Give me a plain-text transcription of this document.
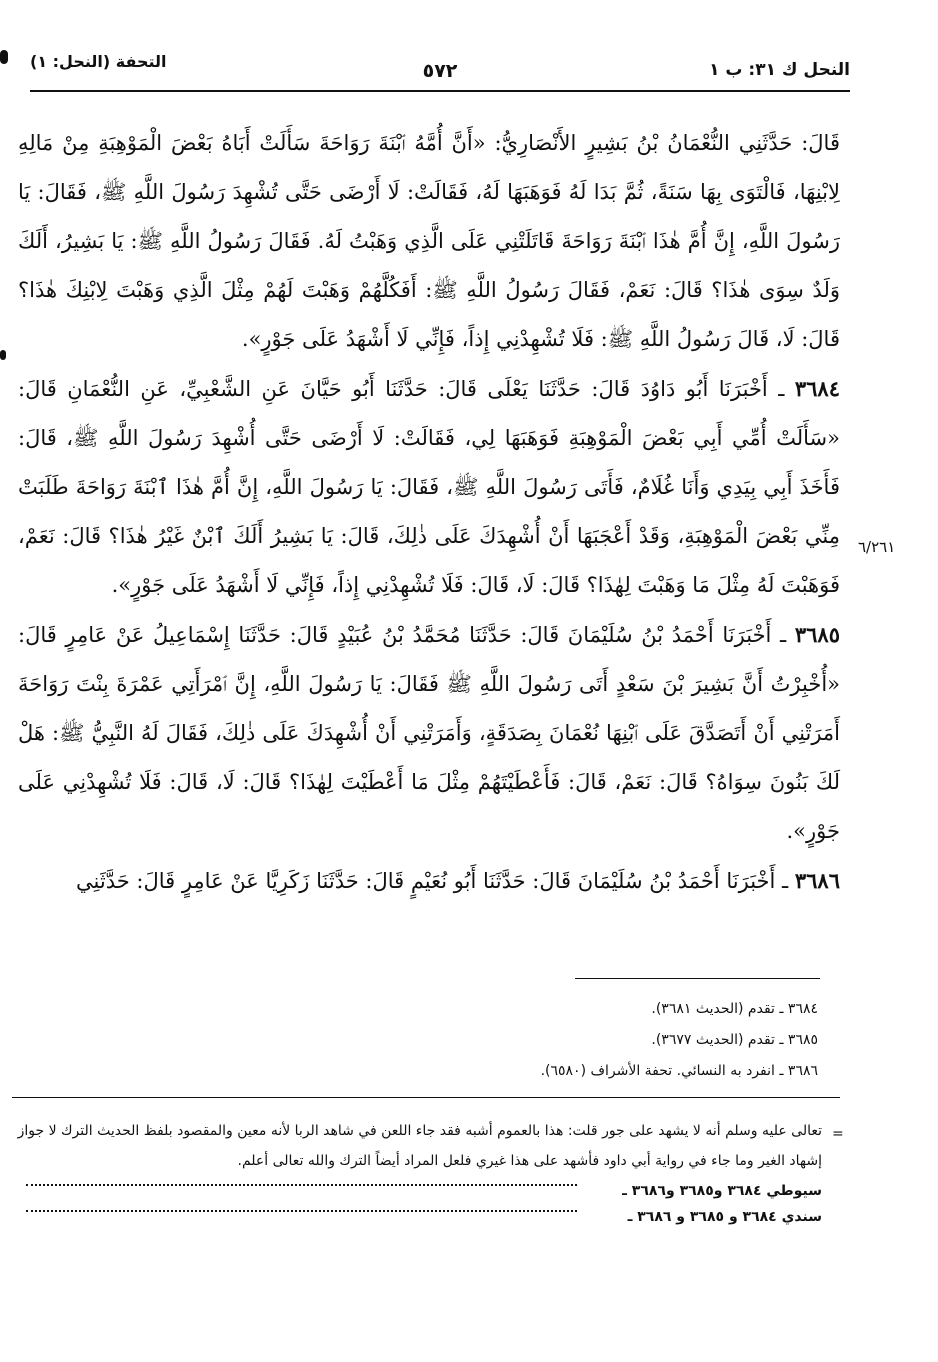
النحل ك ٣١: ب ١
٥٧٢
التحفة (النحل: ١)

قَالَ: حَدَّثَنِي النُّعْمَانُ بْنُ بَشِيرٍ الأَنْصَارِيُّ: «أَنَّ أُمَّهُ ٱبْنَةَ رَوَاحَةَ سَأَلَتْ أَبَاهُ بَعْضَ الْمَوْهِبَةِ مِنْ مَالِهِ لِابْنِهَا، فَالْتَوَى بِهَا سَنَةً، ثُمَّ بَدَا لَهُ فَوَهَبَهَا لَهُ، فَقَالَتْ: لَا أَرْضَى حَتَّى تُشْهِدَ رَسُولَ اللَّهِ ﷺ، فَقَالَ: يَا رَسُولَ اللَّهِ، إِنَّ أُمَّ هٰذَا ٱبْنَةَ رَوَاحَةَ قَاتَلَتْنِي عَلَى الَّذِي وَهَبْتُ لَهُ. فَقَالَ رَسُولُ اللَّهِ ﷺ: يَا بَشِيرُ، أَلَكَ وَلَدٌ سِوَى هٰذَا؟ قَالَ: نَعَمْ، فَقَالَ رَسُولُ اللَّهِ ﷺ: أَفَكُلَّهُمْ وَهَبْتَ لَهُمْ مِثْلَ الَّذِي وَهَبْتَ لِابْنِكَ هٰذَا؟ قَالَ: لَا، قَالَ رَسُولُ اللَّهِ ﷺ: فَلَا تُشْهِدْنِي إِذاً، فَإِنِّي لَا أَشْهَدُ عَلَى جَوْرٍ».

٣٦٨٤ ـ أَخْبَرَنَا أَبُو دَاوُدَ قَالَ: حَدَّثَنَا يَعْلَى قَالَ: حَدَّثَنَا أَبُو حَيَّانَ عَنِ الشَّعْبِيِّ، عَنِ النُّعْمَانِ قَالَ: «سَأَلَتْ أُمِّي أَبِي بَعْضَ الْمَوْهِبَةِ فَوَهَبَهَا لِي، فَقَالَتْ: لَا أَرْضَى حَتَّى أُشْهِدَ رَسُولَ اللَّهِ ﷺ، قَالَ: فَأَخَذَ أَبِي بِيَدِي وَأَنَا غُلَامٌ، فَأَتَى رَسُولَ اللَّهِ ﷺ، فَقَالَ: يَا رَسُولَ اللَّهِ، إِنَّ أُمَّ هٰذَا ٱبْنَةَ رَوَاحَةَ طَلَبَتْ مِنِّي بَعْضَ الْمَوْهِبَةِ، وَقَدْ أَعْجَبَهَا أَنْ أُشْهِدَكَ عَلَى ذٰلِكَ، قَالَ: يَا بَشِيرُ أَلَكَ ٱبْنٌ غَيْرُ هٰذَا؟ قَالَ: نَعَمْ، فَوَهَبْتَ لَهُ مِثْلَ مَا وَهَبْتَ لِهٰذَا؟ قَالَ: لَا، قَالَ: فَلَا تُشْهِدْنِي إِذاً، فَإِنِّي لَا أَشْهَدُ عَلَى جَوْرٍ».

٣٦٨٥ ـ أَخْبَرَنَا أَحْمَدُ بْنُ سُلَيْمَانَ قَالَ: حَدَّثَنَا مُحَمَّدُ بْنُ عُبَيْدٍ قَالَ: حَدَّثَنَا إِسْمَاعِيلُ عَنْ عَامِرٍ قَالَ: «أُخْبِرْتُ أَنَّ بَشِيرَ بْنَ سَعْدٍ أَتَى رَسُولَ اللَّهِ ﷺ فَقَالَ: يَا رَسُولَ اللَّهِ، إِنَّ ٱمْرَأَتِي عَمْرَةَ بِنْتَ رَوَاحَةَ أَمَرَتْنِي أَنْ أَتَصَدَّقَ عَلَى ٱبْنِهَا نُعْمَانَ بِصَدَقَةٍ، وَأَمَرَتْنِي أَنْ أُشْهِدَكَ عَلَى ذٰلِكَ، فَقَالَ لَهُ النَّبِيُّ ﷺ: هَلْ لَكَ بَنُونَ سِوَاهُ؟ قَالَ: نَعَمْ، قَالَ: فَأَعْطَيْتَهُمْ مِثْلَ مَا أَعْطَيْتَ لِهٰذَا؟ قَالَ: لَا، قَالَ: فَلَا تُشْهِدْنِي عَلَى جَوْرٍ».

٣٦٨٦ ـ أَخْبَرَنَا أَحْمَدُ بْنُ سُلَيْمَانَ قَالَ: حَدَّثَنَا أَبُو نُعَيْمٍ قَالَ: حَدَّثَنَا زَكَرِيَّا عَنْ عَامِرٍ قَالَ: حَدَّثَنِي

٦/٢٦١
٣٦٨٤ ـ تقدم (الحديث ٣٦٨١).
٣٦٨٥ ـ تقدم (الحديث ٣٦٧٧).
٣٦٨٦ ـ انفرد به النسائي. تحفة الأشراف (٦٥٨٠).
=

تعالى عليه وسلم أنه لا يشهد على جور قلت: هذا بالعموم أشبه فقد جاء اللعن في شاهد الربا لأنه معين والمقصود بلفظ الحديث الترك لا جواز إشهاد الغير وما جاء في رواية أبي داود فأشهد على هذا غيري فلعل المراد أيضاً الترك والله تعالى أعلم.

سيوطي ٣٦٨٤ و٣٦٨٥ و٣٦٨٦ ـ
سندي ٣٦٨٤ و ٣٦٨٥ و ٣٦٨٦ ـ
